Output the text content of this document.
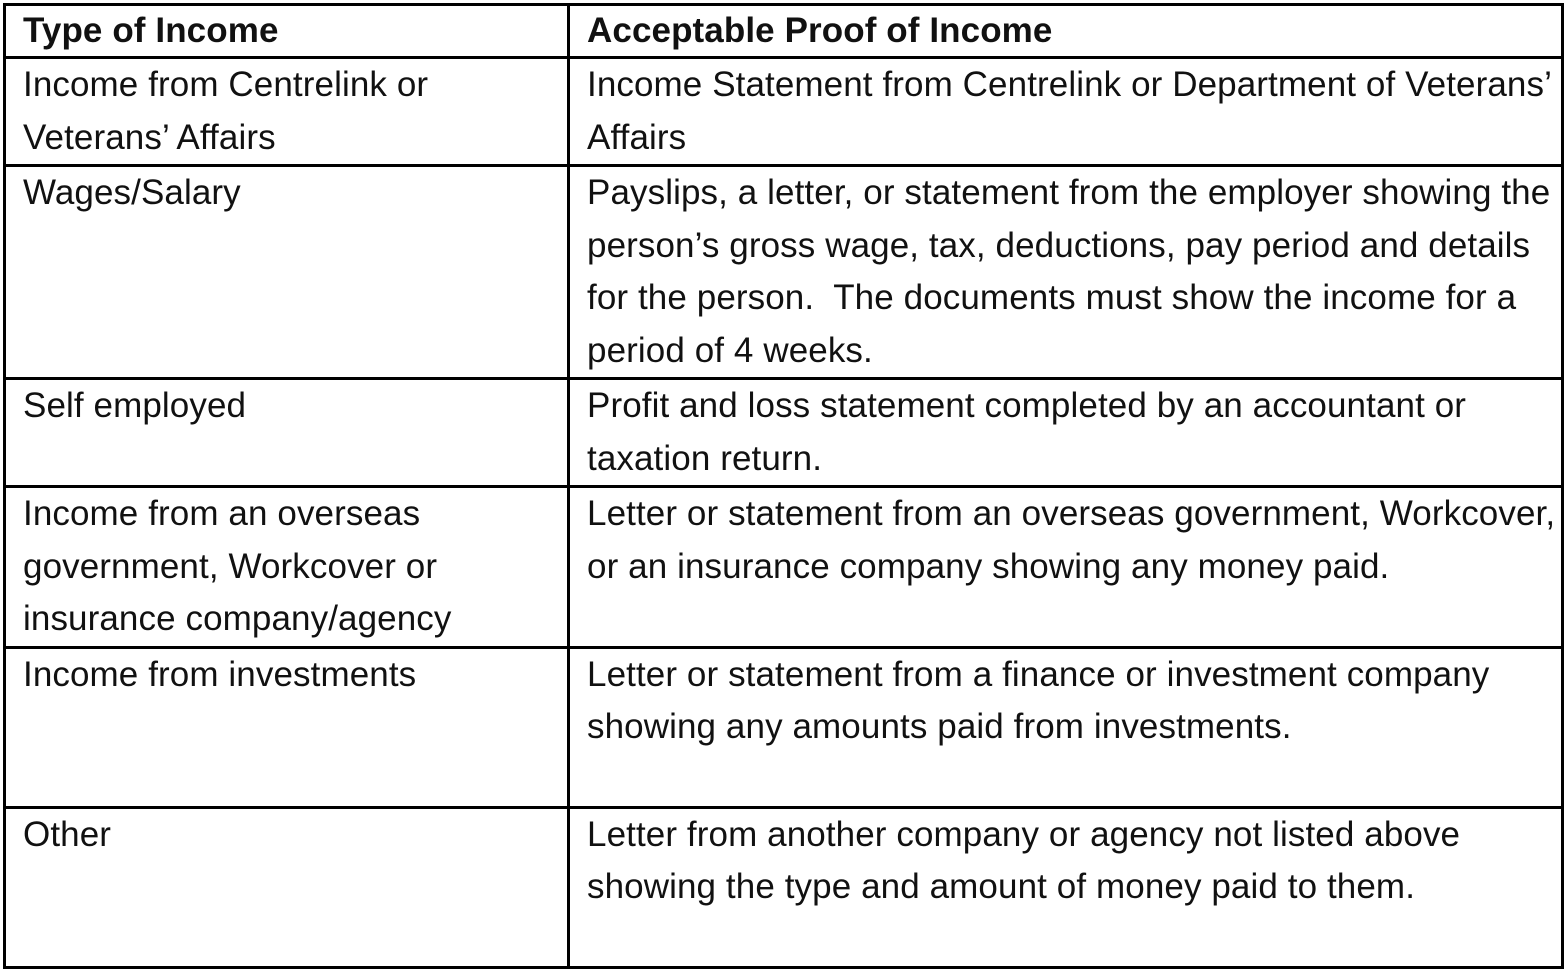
Type of Income	Acceptable Proof of Income
Income from Centrelink or Veterans’ Affairs	Income Statement from Centrelink or Department of Veterans’ Affairs
Wages/Salary	Payslips, a letter, or statement from the employer showing the person’s gross wage, tax, deductions, pay period and details for the person.  The documents must show the income for a period of 4 weeks.
Self employed	Profit and loss statement completed by an accountant or taxation return.
Income from an overseas government, Workcover or insurance company/agency	Letter or statement from an overseas government, Workcover, or an insurance company showing any money paid.
Income from investments	Letter or statement from a finance or investment company showing any amounts paid from investments.
Other	Letter from another company or agency not listed above showing the type and amount of money paid to them.
